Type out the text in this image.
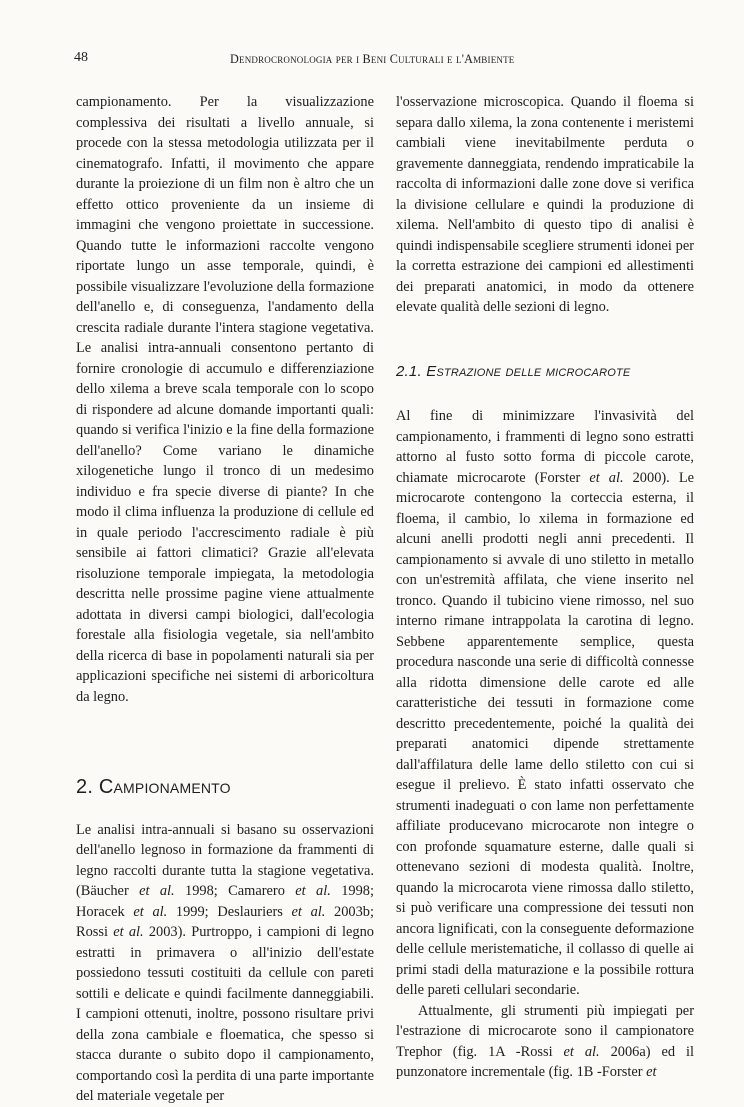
48	Dendrocronologia per i Beni Culturali e l'Ambiente

campionamento. Per la visualizzazione complessiva dei risultati a livello annuale, si procede con la stessa metodologia utilizzata per il cinematografo. Infatti, il movimento che appare durante la proiezione di un film non è altro che un effetto ottico proveniente da un insieme di immagini che vengono proiettate in successione. Quando tutte le informazioni raccolte vengono riportate lungo un asse temporale, quindi, è possibile visualizzare l'evoluzione della formazione dell'anello e, di conseguenza, l'andamento della crescita radiale durante l'intera stagione vegetativa. Le analisi intra-annuali consentono pertanto di fornire cronologie di accumulo e differenziazione dello xilema a breve scala temporale con lo scopo di rispondere ad alcune domande importanti quali: quando si verifica l'inizio e la fine della formazione dell'anello? Come variano le dinamiche xilogenetiche lungo il tronco di un medesimo individuo e fra specie diverse di piante? In che modo il clima influenza la produzione di cellule ed in quale periodo l'accrescimento radiale è più sensibile ai fattori climatici? Grazie all'elevata risoluzione temporale impiegata, la metodologia descritta nelle prossime pagine viene attualmente adottata in diversi campi biologici, dall'ecologia forestale alla fisiologia vegetale, sia nell'ambito della ricerca di base in popolamenti naturali sia per applicazioni specifiche nei sistemi di arboricoltura da legno.

2. Campionamento

Le analisi intra-annuali si basano su osservazioni dell'anello legnoso in formazione da frammenti di legno raccolti durante tutta la stagione vegetativa. (Bäucher et al. 1998; Camarero et al. 1998; Horacek et al. 1999; Deslauriers et al. 2003b; Rossi et al. 2003). Purtroppo, i campioni di legno estratti in primavera o all'inizio dell'estate possiedono tessuti costituiti da cellule con pareti sottili e delicate e quindi facilmente danneggiabili. I campioni ottenuti, inoltre, possono risultare privi della zona cambiale e floematica, che spesso si stacca durante o subito dopo il campionamento, comportando così la perdita di una parte importante del materiale vegetale per

l'osservazione microscopica. Quando il floema si separa dallo xilema, la zona contenente i meristemi cambiali viene inevitabilmente perduta o gravemente danneggiata, rendendo impraticabile la raccolta di informazioni dalle zone dove si verifica la divisione cellulare e quindi la produzione di xilema. Nell'ambito di questo tipo di analisi è quindi indispensabile scegliere strumenti idonei per la corretta estrazione dei campioni ed allestimenti dei preparati anatomici, in modo da ottenere elevate qualità delle sezioni di legno.

2.1. Estrazione delle microcarote

Al fine di minimizzare l'invasività del campionamento, i frammenti di legno sono estratti attorno al fusto sotto forma di piccole carote, chiamate microcarote (Forster et al. 2000). Le microcarote contengono la corteccia esterna, il floema, il cambio, lo xilema in formazione ed alcuni anelli prodotti negli anni precedenti. Il campionamento si avvale di uno stiletto in metallo con un'estremità affilata, che viene inserito nel tronco. Quando il tubicino viene rimosso, nel suo interno rimane intrappolata la carotina di legno. Sebbene apparentemente semplice, questa procedura nasconde una serie di difficoltà connesse alla ridotta dimensione delle carote ed alle caratteristiche dei tessuti in formazione come descritto precedentemente, poiché la qualità dei preparati anatomici dipende strettamente dall'affilatura delle lame dello stiletto con cui si esegue il prelievo. È stato infatti osservato che strumenti inadeguati o con lame non perfettamente affiliate producevano microcarote non integre o con profonde squamature esterne, dalle quali si ottenevano sezioni di modesta qualità. Inoltre, quando la microcarota viene rimossa dallo stiletto, si può verificare una compressione dei tessuti non ancora lignificati, con la conseguente deformazione delle cellule meristematiche, il collasso di quelle ai primi stadi della maturazione e la possibile rottura delle pareti cellulari secondarie.

Attualmente, gli strumenti più impiegati per l'estrazione di microcarote sono il campionatore Trephor (fig. 1A -Rossi et al. 2006a) ed il punzonatore incrementale (fig. 1B -Forster et
